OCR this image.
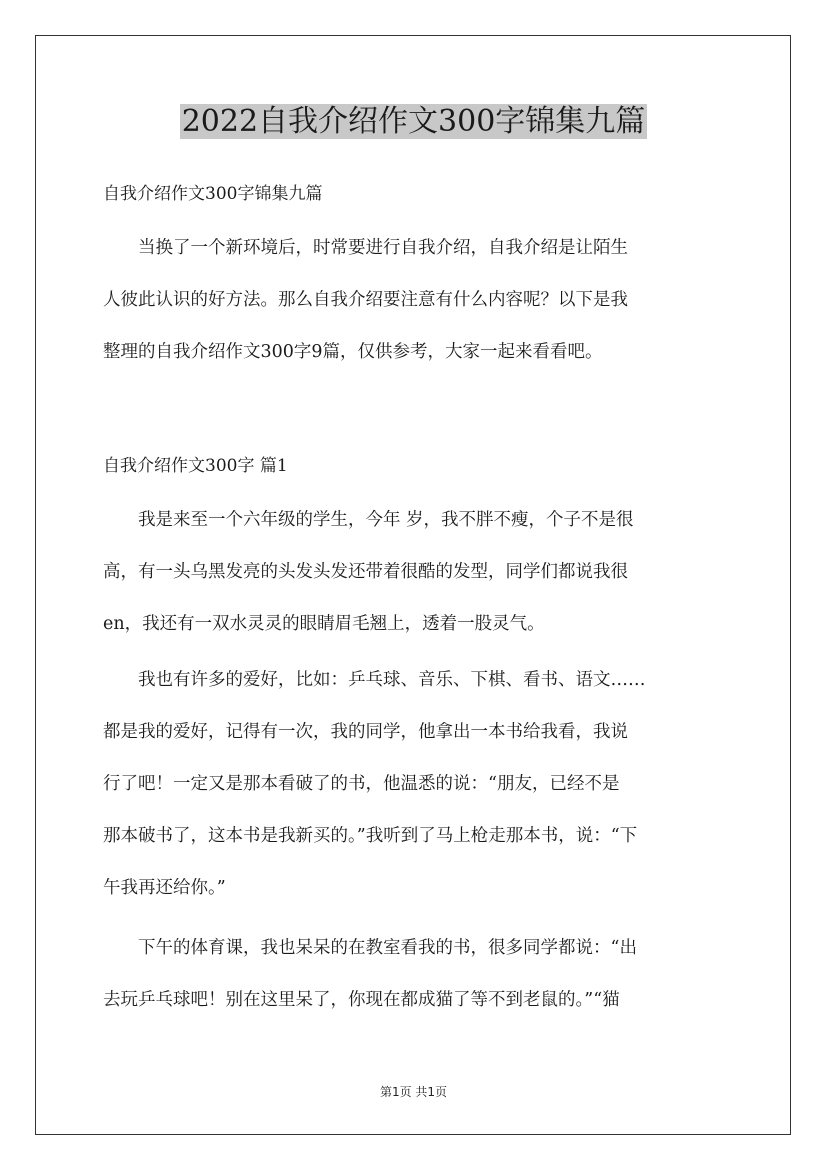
2022自我介绍作文300字锦集九篇
自我介绍作文300字锦集九篇

当换了一个新环境后，时常要进行自我介绍，自我介绍是让陌生
人彼此认识的好方法。那么自我介绍要注意有什么内容呢？以下是我
整理的自我介绍作文300字9篇，仅供参考，大家一起来看看吧。

自我介绍作文300字 篇1

我是来至一个六年级的学生，今年 岁，我不胖不瘦，个子不是很
高，有一头乌黑发亮的头发头发还带着很酷的发型，同学们都说我很
en，我还有一双水灵灵的眼睛眉毛翘上，透着一股灵气。

我也有许多的爱好，比如：乒乓球、音乐、下棋、看书、语文……
都是我的爱好，记得有一次，我的同学，他拿出一本书给我看，我说
行了吧！一定又是那本看破了的书，他温悉的说：“朋友，已经不是
那本破书了，这本书是我新买的。”我听到了马上枪走那本书，说：“下
午我再还给你。”

下午的体育课，我也呆呆的在教室看我的书，很多同学都说：“出
去玩乒乓球吧！别在这里呆了，你现在都成猫了等不到老鼠的。”“猫

第1页 共1页
